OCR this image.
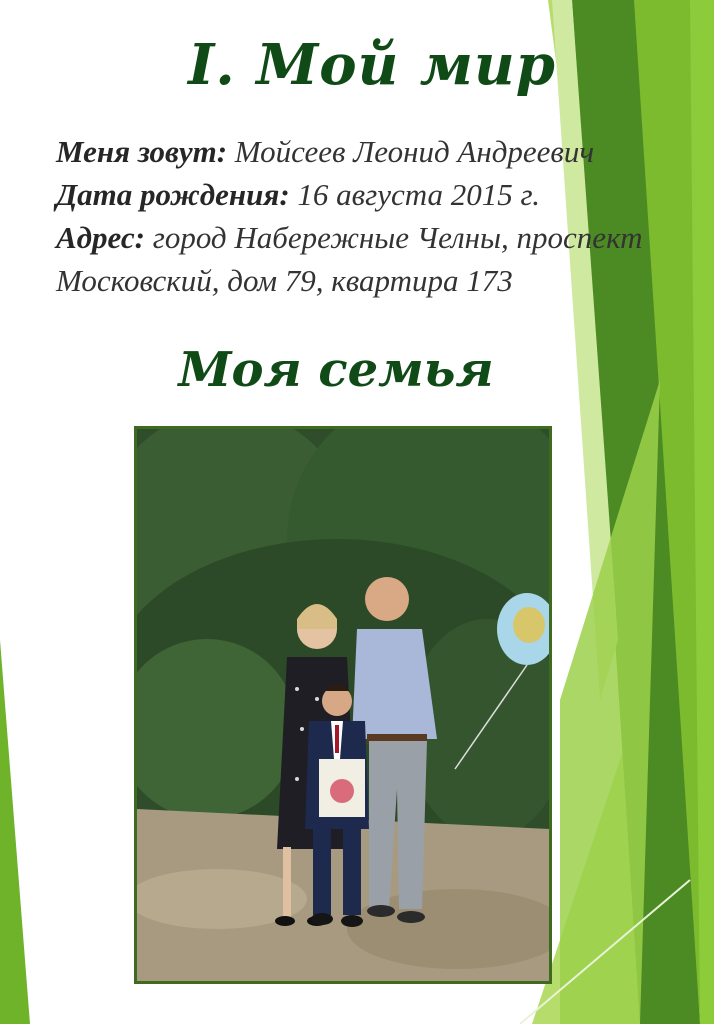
I. Мой мир
Меня зовут: Мойсеев Леонид Андреевич
Дата рождения: 16 августа 2015 г.
Адрес: город Набережные Челны, проспект Московский, дом 79, квартира 173
Моя семья
